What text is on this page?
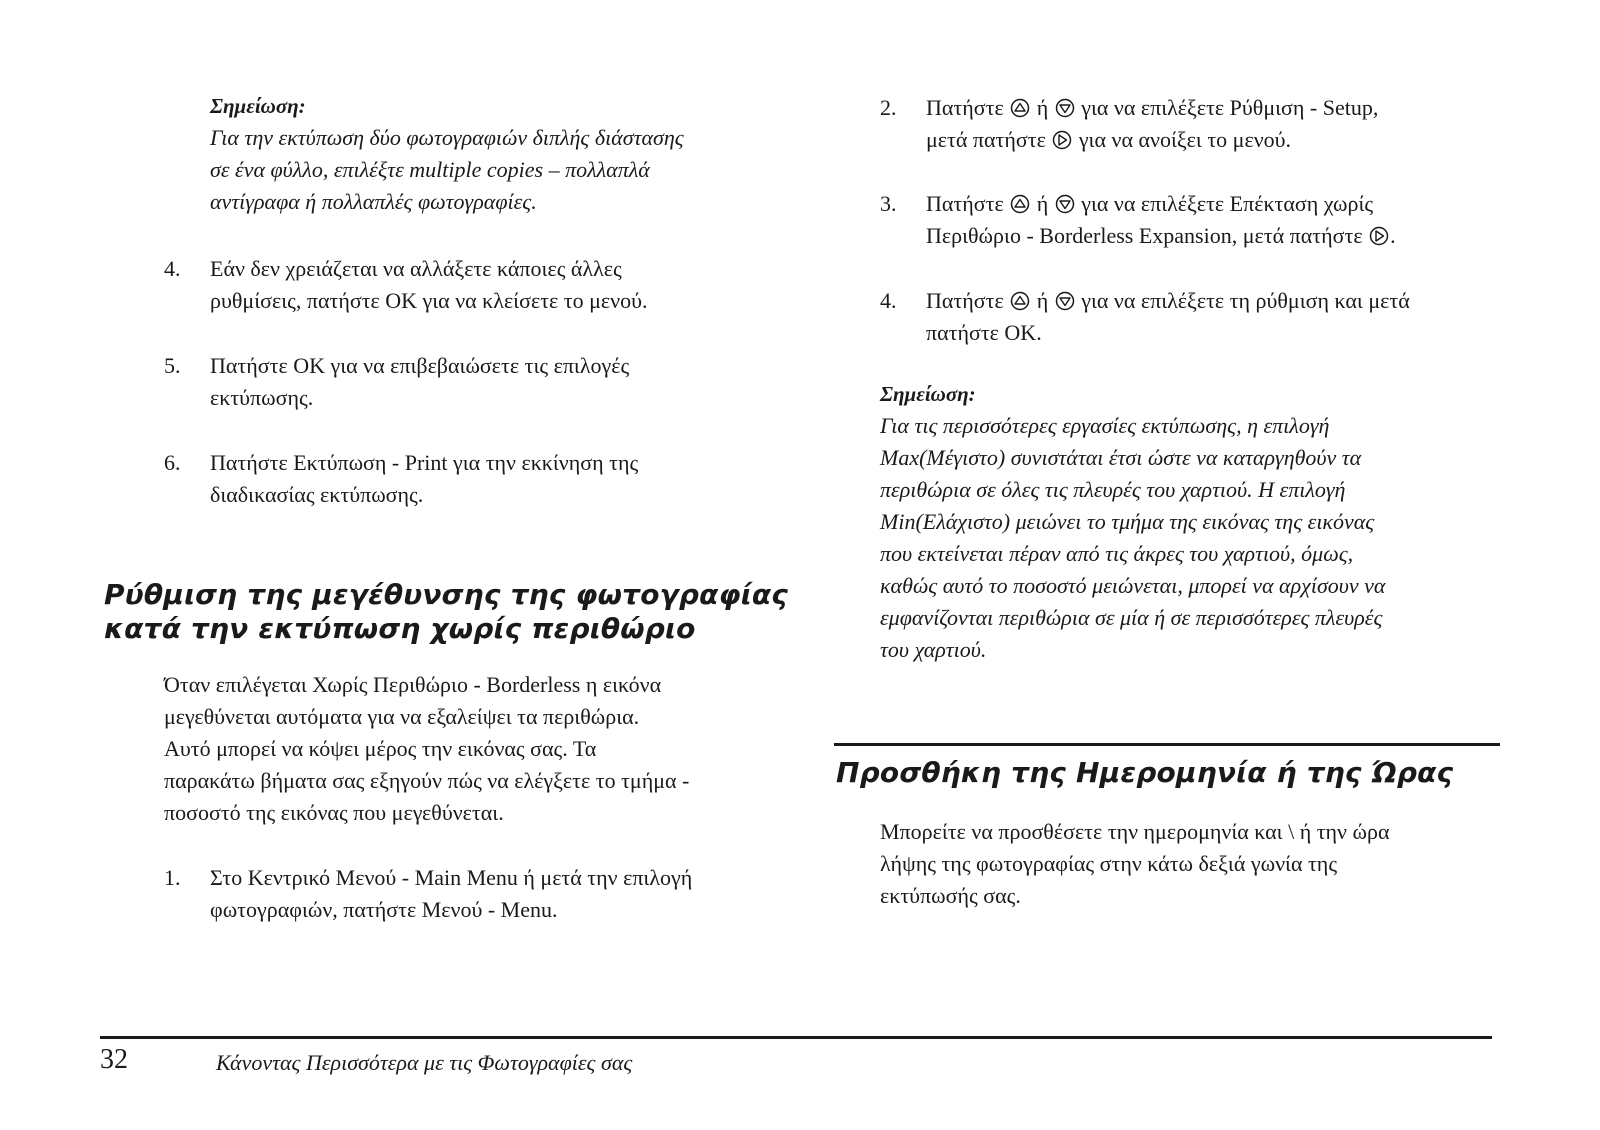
Σημείωση:
Για την εκτύπωση δύο φωτογραφιών διπλής διάστασης
σε ένα φύλλο, επιλέξτε multiple copies – πολλαπλά
αντίγραφα ή πολλαπλές φωτογραφίες.
4. Εάν δεν χρειάζεται να αλλάξετε κάποιες άλλες
ρυθμίσεις, πατήστε OK για να κλείσετε το μενού.
5. Πατήστε OK για να επιβεβαιώσετε τις επιλογές
εκτύπωσης.
6. Πατήστε Εκτύπωση - Print για την εκκίνηση της
διαδικασίας εκτύπωσης.
Ρύθμιση της μεγέθυνσης της φωτογραφίας
κατά την εκτύπωση χωρίς περιθώριο
Όταν επιλέγεται Χωρίς Περιθώριο - Borderless η εικόνα
μεγεθύνεται αυτόματα για να εξαλείψει τα περιθώρια.
Αυτό μπορεί να κόψει μέρος την εικόνας σας. Τα
παρακάτω βήματα σας εξηγούν πώς να ελέγξετε το τμήμα -
ποσοστό της εικόνας που μεγεθύνεται.
1. Στο Κεντρικό Μενού - Main Menu ή μετά την επιλογή
φωτογραφιών, πατήστε Μενού - Menu.
2. Πατήστε ή για να επιλέξετε Ρύθμιση - Setup,
μετά πατήστε για να ανοίξει το μενού.
3. Πατήστε ή για να επιλέξετε Επέκταση χωρίς
Περιθώριο - Borderless Expansion, μετά πατήστε .
4. Πατήστε ή για να επιλέξετε τη ρύθμιση και μετά
πατήστε OK.
Σημείωση:
Για τις περισσότερες εργασίες εκτύπωσης, η επιλογή
Max(Μέγιστο) συνιστάται έτσι ώστε να καταργηθούν τα
περιθώρια σε όλες τις πλευρές του χαρτιού. Η επιλογή
Min(Ελάχιστο) μειώνει το τμήμα της εικόνας της εικόνας
που εκτείνεται πέραν από τις άκρες του χαρτιού, όμως,
καθώς αυτό το ποσοστό μειώνεται, μπορεί να αρχίσουν να
εμφανίζονται περιθώρια σε μία ή σε περισσότερες πλευρές
του χαρτιού.
Προσθήκη της Ημερομηνία ή της Ώρας
Μπορείτε να προσθέσετε την ημερομηνία και \ ή την ώρα
λήψης της φωτογραφίας στην κάτω δεξιά γωνία της
εκτύπωσής σας.
32	Κάνοντας Περισσότερα με τις Φωτογραφίες σας
